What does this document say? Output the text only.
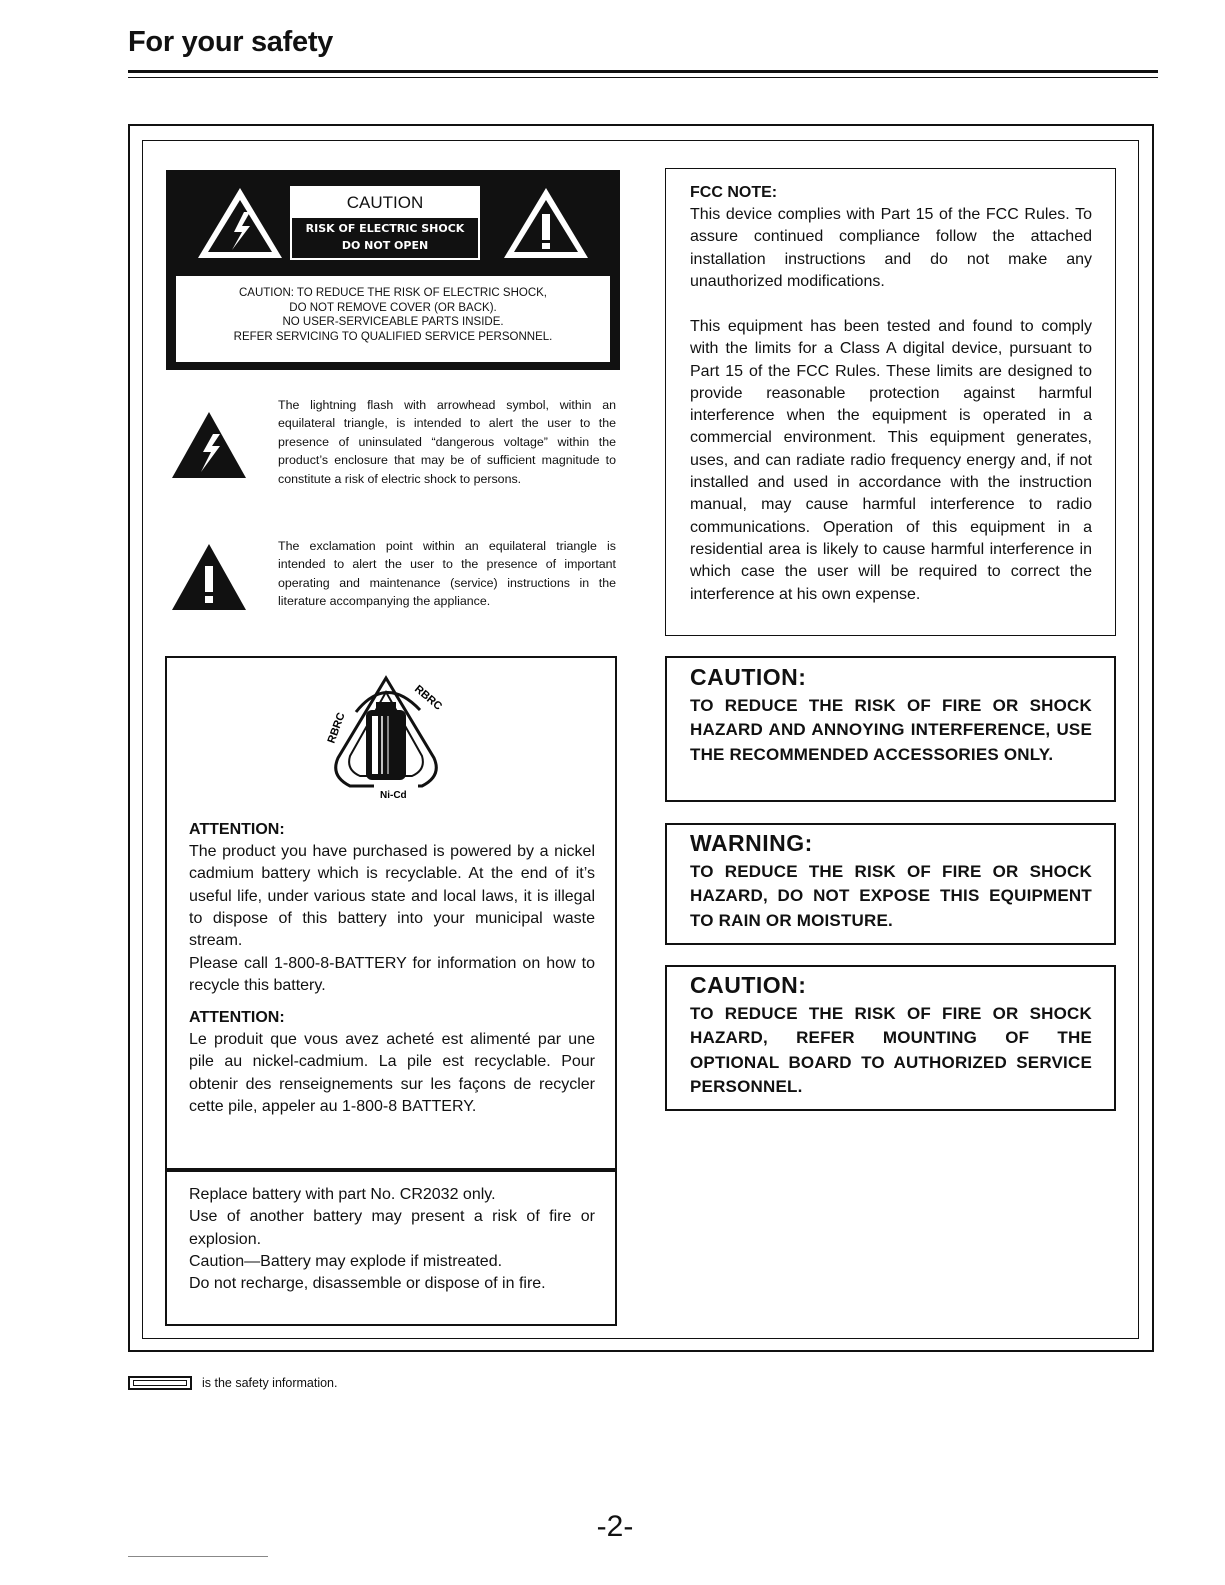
For your safety
CAUTION
RISK OF ELECTRIC SHOCK
DO NOT OPEN
CAUTION: TO REDUCE THE RISK OF ELECTRIC SHOCK,
DO NOT REMOVE COVER (OR BACK).
NO USER-SERVICEABLE PARTS INSIDE.
REFER SERVICING TO QUALIFIED SERVICE PERSONNEL.
The lightning flash with arrowhead symbol, within an equilateral triangle, is intended to alert the user to the presence of uninsulated “dangerous voltage” within the product’s enclosure that may be of sufficient magnitude to constitute a risk of electric shock to persons.
The exclamation point within an equilateral triangle is intended to alert the user to the presence of important operating and maintenance (service) instructions in the literature accompanying the appliance.
RBRC
RBRC
Ni-Cd
ATTENTION:
The product you have purchased is powered by a nickel cadmium battery which is recyclable. At the end of it’s useful life, under various state and local laws, it is illegal to dispose of this battery into your municipal waste stream.
Please call 1-800-8-BATTERY for information on how to recycle this battery.
ATTENTION:
Le produit que vous avez acheté est alimenté par une pile au nickel-cadmium. La pile est recyclable. Pour obtenir des renseignements sur les façons de recycler cette pile, appeler au 1-800-8 BATTERY.
Replace battery with part No. CR2032 only.
Use of another battery may present a risk of fire or explosion.
Caution—Battery may explode if mistreated.
Do not recharge, disassemble or dispose of in fire.
FCC NOTE:
This device complies with Part 15 of the FCC Rules. To assure continued compliance follow the attached installation instructions and do not make any unauthorized modifications.
This equipment has been tested and found to comply with the limits for a Class A digital device, pursuant to Part 15 of the FCC Rules. These limits are designed to provide reasonable protection against harmful interference when the equipment is operated in a commercial environment. This equipment generates, uses, and can radiate radio frequency energy and, if not installed and used in accordance with the instruction manual, may cause harmful interference to radio communications. Operation of this equipment in a residential area is likely to cause harmful interference in which case the user will be required to correct the interference at his own expense.
CAUTION:
TO REDUCE THE RISK OF FIRE OR SHOCK HAZARD AND ANNOYING INTERFERENCE, USE THE RECOMMENDED ACCESSORIES ONLY.
WARNING:
TO REDUCE THE RISK OF FIRE OR SHOCK HAZARD, DO NOT EXPOSE THIS EQUIPMENT TO RAIN OR MOISTURE.
CAUTION:
TO REDUCE THE RISK OF FIRE OR SHOCK HAZARD, REFER MOUNTING OF THE OPTIONAL BOARD TO AUTHORIZED SERVICE PERSONNEL.
is the safety information.
-2-
